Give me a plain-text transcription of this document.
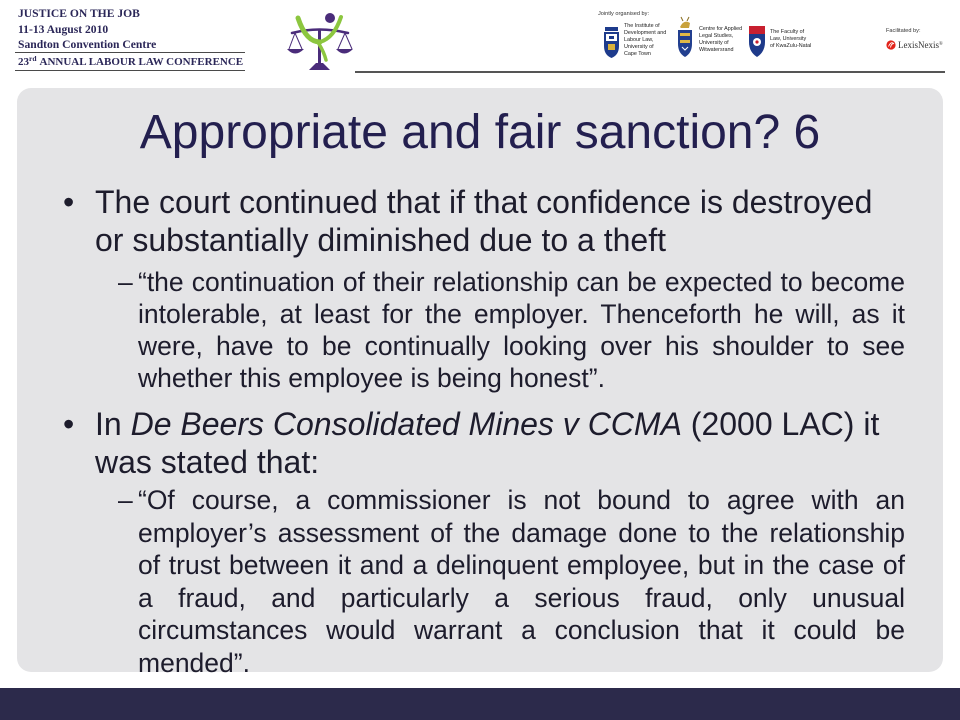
JUSTICE ON THE JOB
11-13 August 2010
Sandton Convention Centre
23rd ANNUAL LABOUR LAW CONFERENCE
Jointly organised by:
The Institute of
Development and
Labour Law,
University of
Cape Town
Centre for Applied
Legal Studies,
University of
Witwatersrand
The Faculty of
Law, University
of KwaZulu-Natal
Facilitated by:
LexisNexis®
Appropriate and fair sanction? 6
• The court continued that if that confidence is destroyed
or substantially diminished due to a theft
– “the continuation of their relationship can be expected to become
intolerable, at least for the employer. Thenceforth he will, as it
were, have to be continually looking over his shoulder to see
whether this employee is being honest”.
• In De Beers Consolidated Mines v CCMA (2000 LAC) it
was stated that:
– “Of course, a commissioner is not bound to agree with an
employer’s assessment of the damage done to the relationship
of trust between it and a delinquent employee, but in the case of
a fraud, and particularly a serious fraud, only unusual
circumstances would warrant a conclusion that it could be
mended”.
